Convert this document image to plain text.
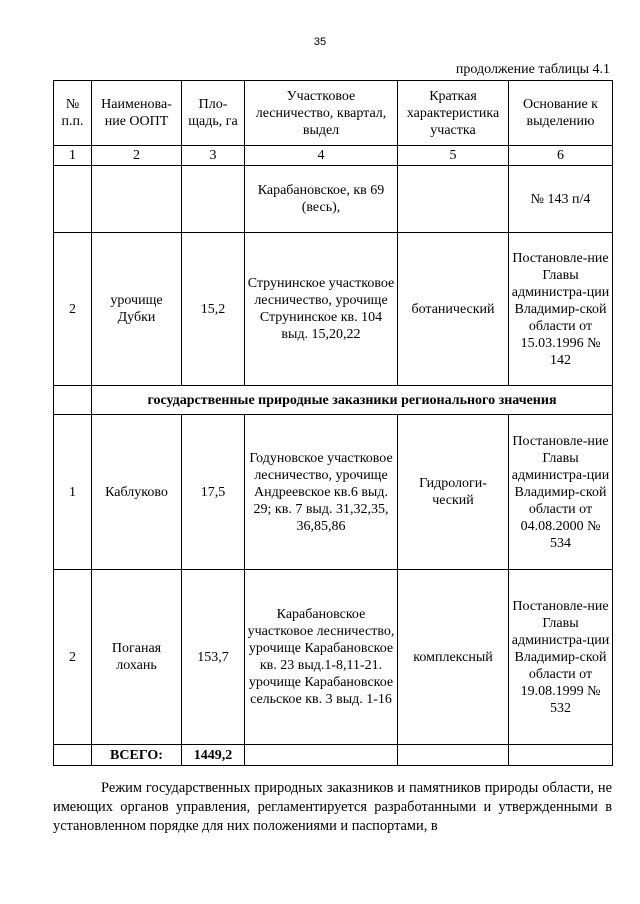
35
продолжение таблицы 4.1
№ п.п.	Наименова-ние ООПТ	Пло-щадь, га	Участковое лесничество, квартал, выдел	Краткая характеристика участка	Основание к выделению
1	2	3	4	5	6
			Карабановское, кв 69 (весь),		№ 143 п/4
2	урочище Дубки	15,2	Струнинское участковое лесничество, урочище Струнинское кв. 104 выд. 15,20,22	ботанический	Постановле-ние Главы администра-ции Владимир-ской области от 15.03.1996 № 142
	государственные природные заказники регионального значения				
1	Каблуково	17,5	Годуновское участковое лесничество, урочище Андреевское кв.6 выд. 29; кв. 7 выд. 31,32,35, 36,85,86	Гидрологи-ческий	Постановле-ние Главы администра-ции Владимир-ской области от 04.08.2000 № 534
2	Поганая лохань	153,7	Карабановское участковое лесничество, урочище Карабановское кв. 23 выд.1-8,11-21. урочище Карабановское сельское кв. 3 выд. 1-16	комплексный	Постановле-ние Главы администра-ции Владимир-ской области от 19.08.1999 № 532
	ВСЕГО:	1449,2			

Режим государственных природных заказников и памятников природы области, не имеющих органов управления, регламентируется разработанными и утвержденными в установленном порядке для них положениями и паспортами, в
